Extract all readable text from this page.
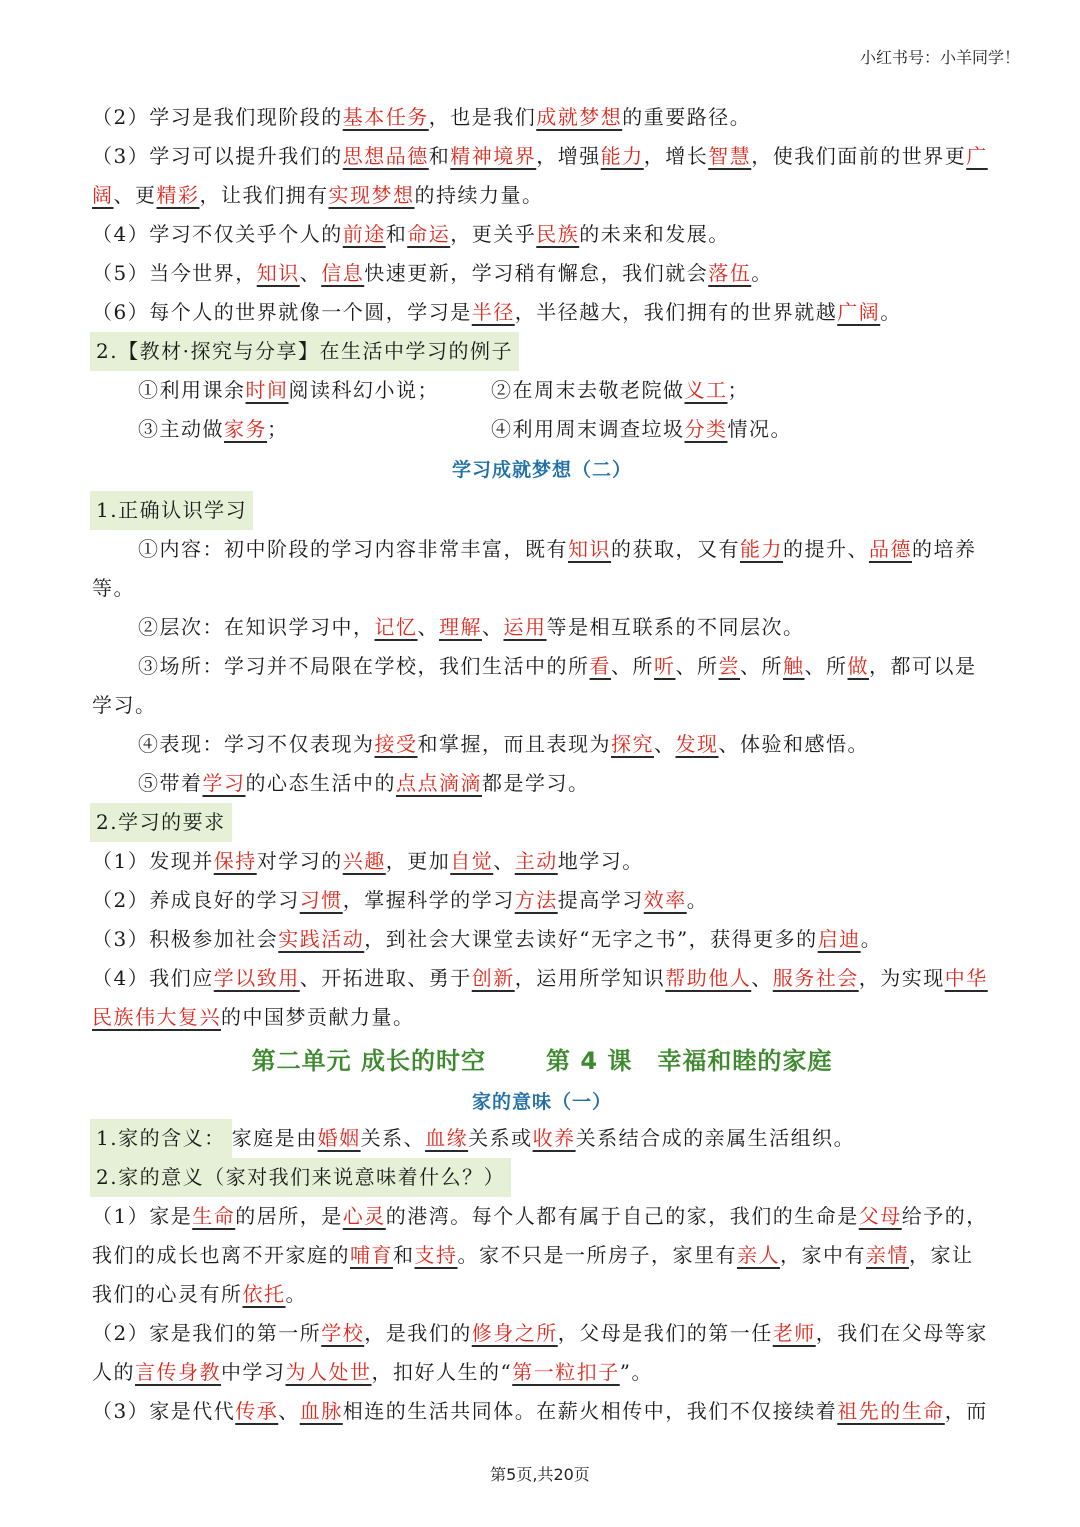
小红书号：小羊同学！
（2）学习是我们现阶段的基本任务，也是我们成就梦想的重要路径。
（3）学习可以提升我们的思想品德和精神境界，增强能力，增长智慧，使我们面前的世界更广阔、更精彩，让我们拥有实现梦想的持续力量。
（4）学习不仅关乎个人的前途和命运，更关乎民族的未来和发展。
（5）当今世界，知识、信息快速更新，学习稍有懈怠，我们就会落伍。
（6）每个人的世界就像一个圆，学习是半径，半径越大，我们拥有的世界就越广阔。
2.【教材·探究与分享】在生活中学习的例子
①利用课余时间阅读科幻小说；	②在周末去敬老院做义工；
③主动做家务；	④利用周末调查垃圾分类情况。
学习成就梦想（二）
1.正确认识学习
①内容：初中阶段的学习内容非常丰富，既有知识的获取，又有能力的提升、品德的培养等。
②层次：在知识学习中，记忆、理解、运用等是相互联系的不同层次。
③场所：学习并不局限在学校，我们生活中的所看、所听、所尝、所触、所做，都可以是学习。
④表现：学习不仅表现为接受和掌握，而且表现为探究、发现、体验和感悟。
⑤带着学习的心态生活中的点点滴滴都是学习。
2.学习的要求
（1）发现并保持对学习的兴趣，更加自觉、主动地学习。
（2）养成良好的学习习惯，掌握科学的学习方法提高学习效率。
（3）积极参加社会实践活动，到社会大课堂去读好“无字之书”，获得更多的启迪。
（4）我们应学以致用、开拓进取、勇于创新，运用所学知识帮助他人、服务社会，为实现中华民族伟大复兴的中国梦贡献力量。
第二单元 成长的时空	第 4 课　幸福和睦的家庭
家的意味（一）
1.家的含义： 家庭是由婚姻关系、血缘关系或收养关系结合成的亲属生活组织。
2.家的意义（家对我们来说意味着什么？）
（1）家是生命的居所，是心灵的港湾。每个人都有属于自己的家，我们的生命是父母给予的，我们的成长也离不开家庭的哺育和支持。家不只是一所房子，家里有亲人，家中有亲情，家让我们的心灵有所依托。
（2）家是我们的第一所学校，是我们的修身之所，父母是我们的第一任老师，我们在父母等家人的言传身教中学习为人处世，扣好人生的“第一粒扣子”。
（3）家是代代传承、血脉相连的生活共同体。在薪火相传中，我们不仅接续着祖先的生命，而
第5页,共20页
